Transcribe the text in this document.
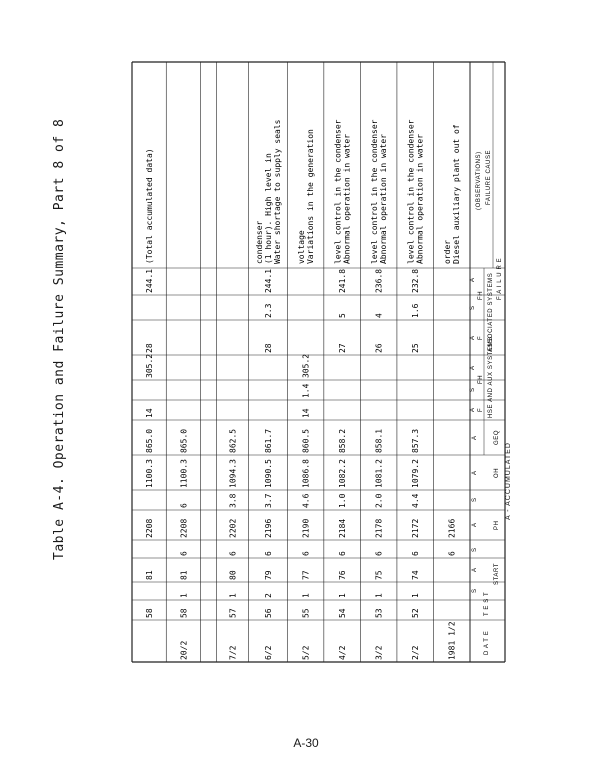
Table A-4. Operation and Failure Summary, Part 8 of 8
D A T E
T E S T
START
S
A
PH
S
A
OH
S
A
GEQ
A
F A I L U R E
HSE AND AUX SYSTEMS
F
FH
A
S
A
ASSOCIATED SYSTEMS
F
FH
A
S
A
FAILURE CAUSE
(OBSERVATIONS)
1981 1/2
6
2166
Diesel auxiliary plant out of
order
2/2
52
1
74
6
2172
4.4
1079.2
857.3
25
1.6
232.8
Abnormal operation in water
level control in the condenser
3/2
53
1
75
6
2178
2.0
1081.2
858.1
26
4
236.8
Abnormal operation in water
level control in the condenser
4/2
54
1
76
6
2184
1.0
1082.2
858.2
27
5
241.8
Abnormal operation in water
level control in the condenser
5/2
55
1
77
6
2190
4.6
1086.8
860.5
14
1.4
305.2
Variations in the generation
voltage
6/2
56
2
79
6
2196
3.7
1090.5
861.7
28
2.3
244.1
Water shortage to supply seals
(1 hour). High level in
condenser
7/2
57
1
80
6
2202
3.8
1094.3
862.5
20/2
58
1
81
6
2208
6
1100.3
865.0
58
81
2208
1100.3
865.0
14
305.2
28
244.1
(Total accumulated data)
A - ACCUMULATED
A-30
